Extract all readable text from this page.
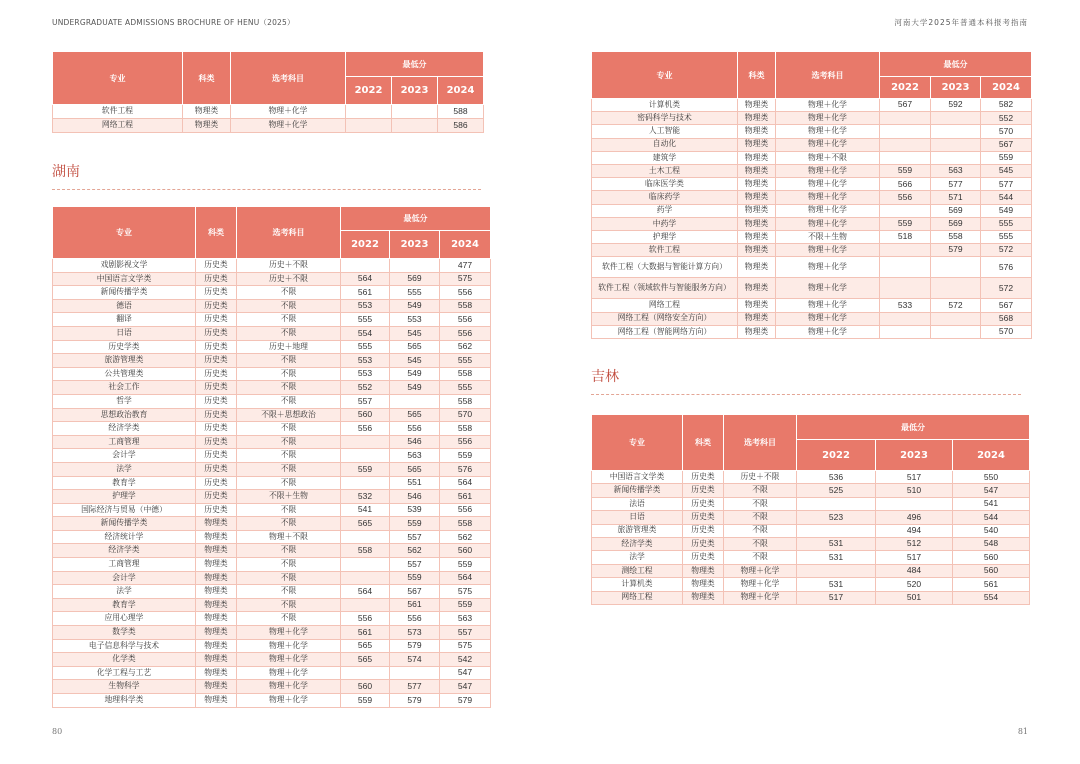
UNDERGRADUATE ADMISSIONS BROCHURE OF HENU（2025）	河南大学2025年普通本科报考指南
专业	科类	选考科目	最低分		
			2022	2023	2024
软件工程	物理类	物理＋化学			588
网络工程	物理类	物理＋化学			586
湖南
专业	科类	选考科目	最低分		
			2022	2023	2024
戏剧影视文学	历史类	历史＋不限			477
中国语言文学类	历史类	历史＋不限	564	569	575
新闻传播学类	历史类	不限	561	555	556
德语	历史类	不限	553	549	558
翻译	历史类	不限	555	553	556
日语	历史类	不限	554	545	556
历史学类	历史类	历史＋地理	555	565	562
旅游管理类	历史类	不限	553	545	555
公共管理类	历史类	不限	553	549	558
社会工作	历史类	不限	552	549	555
哲学	历史类	不限	557		558
思想政治教育	历史类	不限＋思想政治	560	565	570
经济学类	历史类	不限	556	556	558
工商管理	历史类	不限		546	556
会计学	历史类	不限		563	559
法学	历史类	不限	559	565	576
教育学	历史类	不限		551	564
护理学	历史类	不限＋生物	532	546	561
国际经济与贸易（中德）	历史类	不限	541	539	556
新闻传播学类	物理类	不限	565	559	558
经济统计学	物理类	物理＋不限		557	562
经济学类	物理类	不限	558	562	560
工商管理	物理类	不限		557	559
会计学	物理类	不限		559	564
法学	物理类	不限	564	567	575
教育学	物理类	不限		561	559
应用心理学	物理类	不限	556	556	563
数学类	物理类	物理＋化学	561	573	557
电子信息科学与技术	物理类	物理＋化学	565	579	575
化学类	物理类	物理＋化学	565	574	542
化学工程与工艺	物理类	物理＋化学			547
生物科学	物理类	物理＋化学	560	577	547
地理科学类	物理类	物理＋化学	559	579	579
专业	科类	选考科目	最低分		
			2022	2023	2024
计算机类	物理类	物理＋化学	567	592	582
密码科学与技术	物理类	物理＋化学			552
人工智能	物理类	物理＋化学			570
自动化	物理类	物理＋化学			567
建筑学	物理类	物理＋不限			559
土木工程	物理类	物理＋化学	559	563	545
临床医学类	物理类	物理＋化学	566	577	577
临床药学	物理类	物理＋化学	556	571	544
药学	物理类	物理＋化学		569	549
中药学	物理类	物理＋化学	559	569	555
护理学	物理类	不限＋生物	518	558	555
软件工程	物理类	物理＋化学		579	572
软件工程（大数据与智能计算方向）	物理类	物理＋化学			576
软件工程（领域软件与智能服务方向）	物理类	物理＋化学			572
网络工程	物理类	物理＋化学	533	572	567
网络工程（网络安全方向）	物理类	物理＋化学			568
网络工程（智能网络方向）	物理类	物理＋化学			570
吉林
专业	科类	选考科目	最低分		
			2022	2023	2024
中国语言文学类	历史类	历史＋不限	536	517	550
新闻传播学类	历史类	不限	525	510	547
法语	历史类	不限			541
日语	历史类	不限	523	496	544
旅游管理类	历史类	不限		494	540
经济学类	历史类	不限	531	512	548
法学	历史类	不限	531	517	560
测绘工程	物理类	物理＋化学		484	560
计算机类	物理类	物理＋化学	531	520	561
网络工程	物理类	物理＋化学	517	501	554
80	81
